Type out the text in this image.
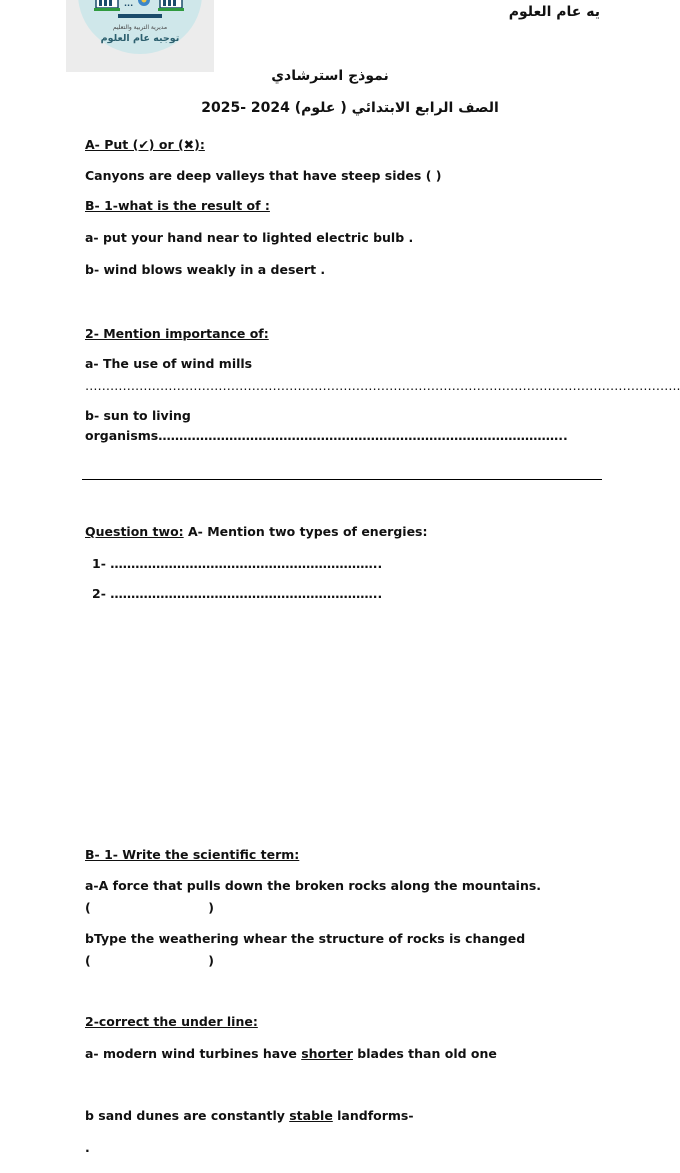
...
مديرية التربية والتعليم
توجيه عام العلوم
يه عام العلوم
نموذج استرشادي
الصف الرابع الابتدائي ( علوم) 2024 -2025
A- Put (✔) or (✖):
Canyons are deep valleys that have steep sides ( )
B- 1-what is the result of :
a- put your hand near to lighted electric bulb .
b- wind blows weakly in a desert .
2- Mention importance of:
a- The use of wind mills
……………………………………………………………………………………………………………………………..
b- sun to living
organisms……………………………………………………………………………………..
Question two: A- Mention two types of energies:
1- ………………………………………………………..
2- ………………………………………………………..
B- 1- Write the scientific term:
a-A force that pulls down the broken rocks along the mountains.
(                           )
bType the weathering whear the structure of rocks is changed
(                           )
2-correct the under line:
a- modern wind turbines have shorter blades than old one
b sand dunes are constantly stable landforms-
.
